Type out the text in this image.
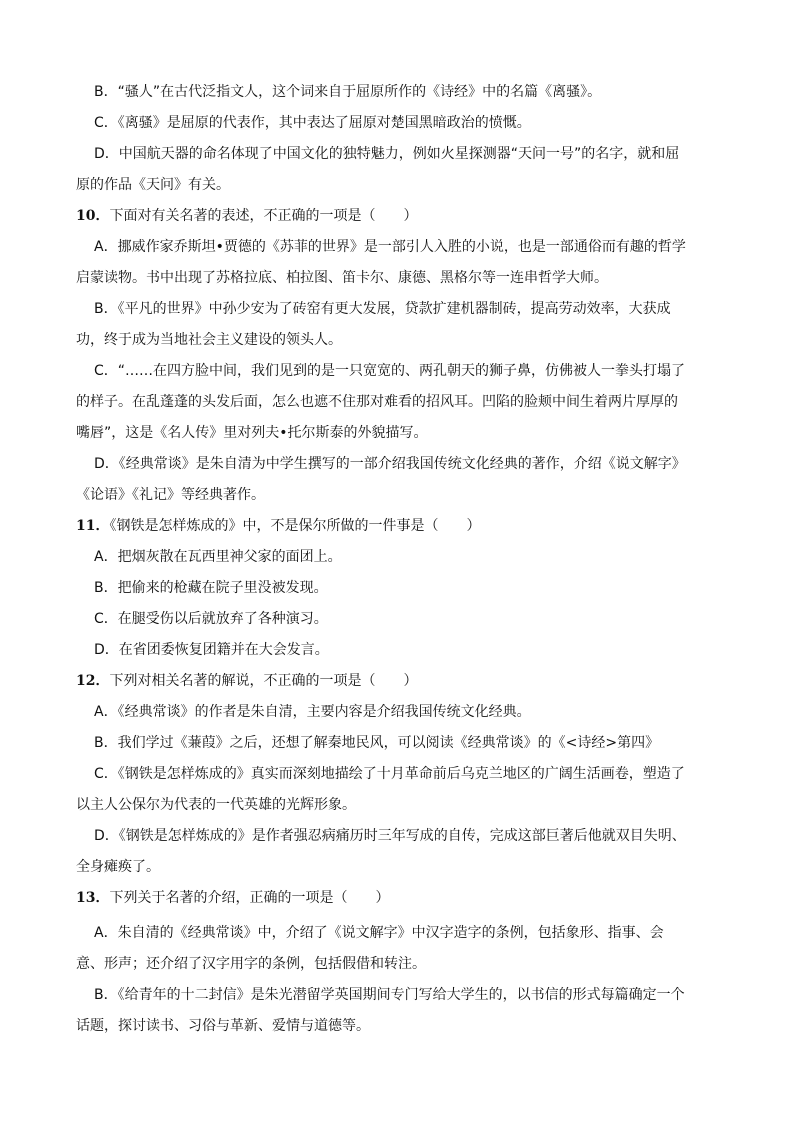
B．“骚人”在古代泛指文人，这个词来自于屈原所作的《诗经》中的名篇《离骚》。
C．《离骚》是屈原的代表作，其中表达了屈原对楚国黑暗政治的愤慨。
D．中国航天器的命名体现了中国文化的独特魅力，例如火星探测器“天问一号”的名字，就和屈
原的作品《天问》有关。
10．下面对有关名著的表述，不正确的一项是（　　）
A．挪威作家乔斯坦•贾德的《苏菲的世界》是一部引人入胜的小说，也是一部通俗而有趣的哲学
启蒙读物。书中出现了苏格拉底、柏拉图、笛卡尔、康德、黑格尔等一连串哲学大师。
B．《平凡的世界》中孙少安为了砖窑有更大发展，贷款扩建机器制砖，提高劳动效率，大获成
功，终于成为当地社会主义建设的领头人。
C．“……在四方脸中间，我们见到的是一只宽宽的、两孔朝天的狮子鼻，仿佛被人一拳头打塌了
的样子。在乱蓬蓬的头发后面，怎么也遮不住那对难看的招风耳。凹陷的脸颊中间生着两片厚厚的
嘴唇”，这是《名人传》里对列夫•托尔斯泰的外貌描写。
D．《经典常谈》是朱自清为中学生撰写的一部介绍我国传统文化经典的著作，介绍《说文解字》
《论语》《礼记》等经典著作。
11．《钢铁是怎样炼成的》中，不是保尔所做的一件事是（　　）
A．把烟灰散在瓦西里神父家的面团上。
B．把偷来的枪藏在院子里没被发现。
C．在腿受伤以后就放弃了各种演习。
D．在省团委恢复团籍并在大会发言。
12．下列对相关名著的解说，不正确的一项是（　　）
A．《经典常谈》的作者是朱自清，主要内容是介绍我国传统文化经典。
B．我们学过《蒹葭》之后，还想了解秦地民风，可以阅读《经典常谈》的《<诗经>第四》
C．《钢铁是怎样炼成的》真实而深刻地描绘了十月革命前后乌克兰地区的广阔生活画卷，塑造了
以主人公保尔为代表的一代英雄的光辉形象。
D．《钢铁是怎样炼成的》是作者强忍病痛历时三年写成的自传，完成这部巨著后他就双目失明、
全身瘫痪了。
13．下列关于名著的介绍，正确的一项是（　　）
A．朱自清的《经典常谈》中，介绍了《说文解字》中汉字造字的条例，包括象形、指事、会
意、形声；还介绍了汉字用字的条例，包括假借和转注。
B．《给青年的十二封信》是朱光潜留学英国期间专门写给大学生的，以书信的形式每篇确定一个
话题，探讨读书、习俗与革新、爱情与道德等。
